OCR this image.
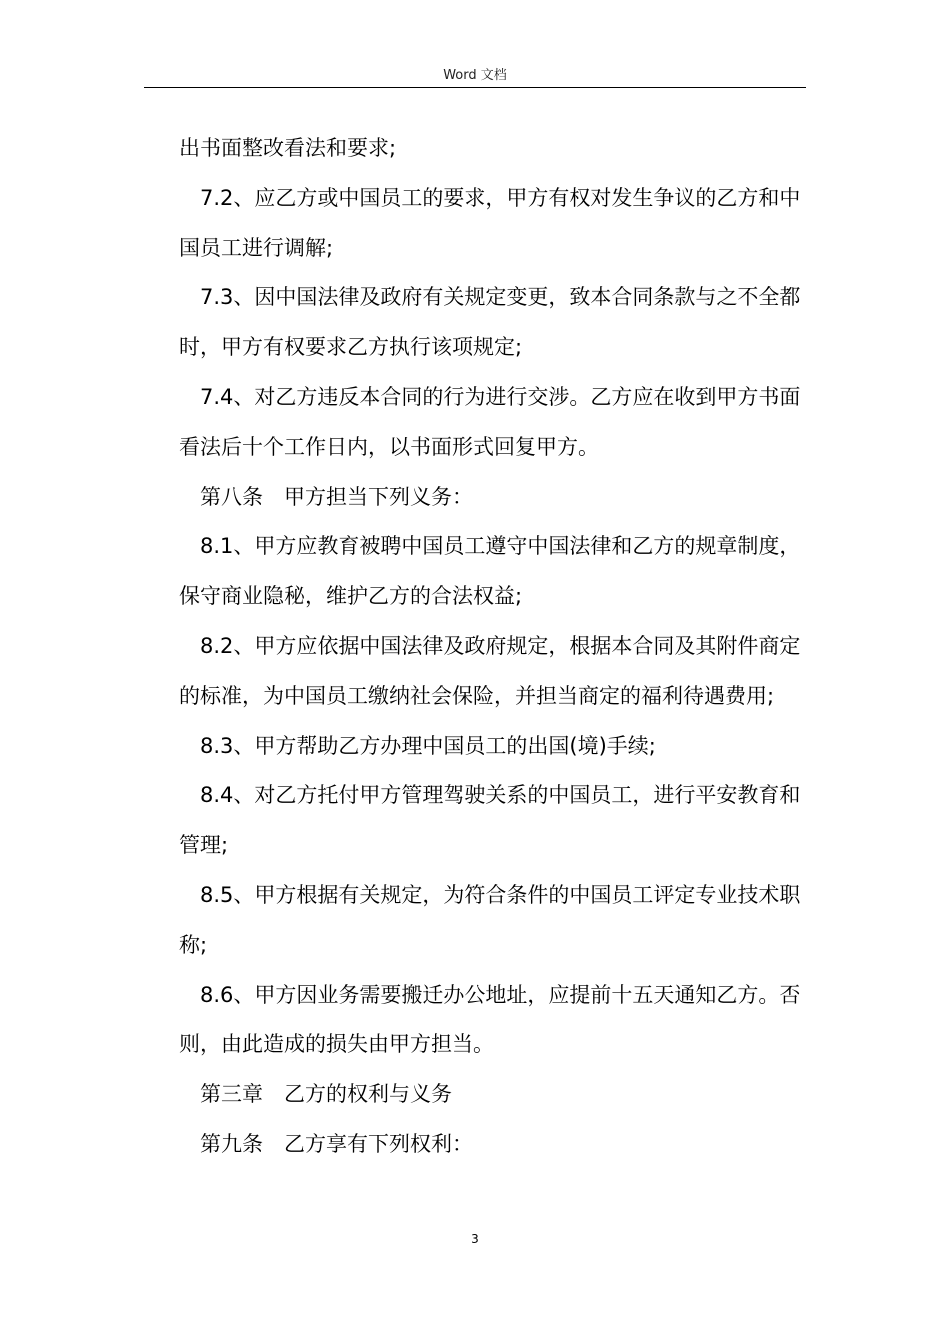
Word 文档

出书面整改看法和要求;

7.2、应乙方或中国员工的要求，甲方有权对发生争议的乙方和中国员工进行调解;

7.3、因中国法律及政府有关规定变更，致本合同条款与之不全都时，甲方有权要求乙方执行该项规定;

7.4、对乙方违反本合同的行为进行交涉。乙方应在收到甲方书面看法后十个工作日内，以书面形式回复甲方。

第八条　甲方担当下列义务：

8.1、甲方应教育被聘中国员工遵守中国法律和乙方的规章制度，保守商业隐秘，维护乙方的合法权益;

8.2、甲方应依据中国法律及政府规定，根据本合同及其附件商定的标准，为中国员工缴纳社会保险，并担当商定的福利待遇费用;

8.3、甲方帮助乙方办理中国员工的出国(境)手续;

8.4、对乙方托付甲方管理驾驶关系的中国员工，进行平安教育和管理;

8.5、甲方根据有关规定，为符合条件的中国员工评定专业技术职称;

8.6、甲方因业务需要搬迁办公地址，应提前十五天通知乙方。否则，由此造成的损失由甲方担当。

第三章　乙方的权利与义务

第九条　乙方享有下列权利：

3
